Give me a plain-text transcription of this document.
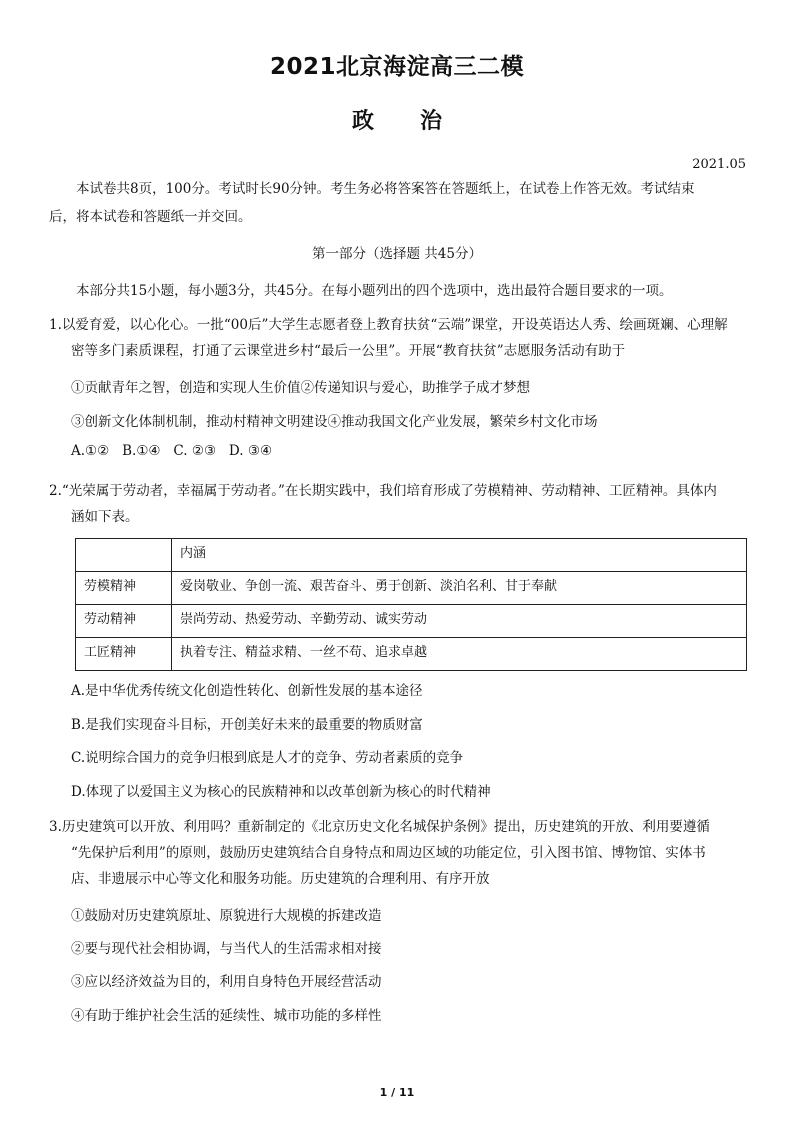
2021北京海淀高三二模
政 治
2021.05
本试卷共8页，100分。考试时长90分钟。考生务必将答案答在答题纸上，在试卷上作答无效。考试结束
后，将本试卷和答题纸一并交回。
第一部分（选择题 共45分）
本部分共15小题，每小题3分，共45分。在每小题列出的四个选项中，选出最符合题目要求的一项。
1.以爱育爱，以心化心。一批“00后”大学生志愿者登上教育扶贫“云端”课堂，开设英语达人秀、绘画斑斓、心理解
密等多门素质课程，打通了云课堂进乡村“最后一公里”。开展“教育扶贫”志愿服务活动有助于
①贡献青年之智，创造和实现人生价值②传递知识与爱心，助推学子成才梦想
③创新文化体制机制，推动村精神文明建设④推动我国文化产业发展，繁荣乡村文化市场
A.①②   B.①④   C. ②③   D. ③④
2.“光荣属于劳动者，幸福属于劳动者。”在长期实践中，我们培育形成了劳模精神、劳动精神、工匠精神。具体内
涵如下表。
	内涵
劳模精神	爱岗敬业、争创一流、艰苦奋斗、勇于创新、淡泊名利、甘于奉献
劳动精神	崇尚劳动、热爱劳动、辛勤劳动、诚实劳动
工匠精神	执着专注、精益求精、一丝不苟、追求卓越
A.是中华优秀传统文化创造性转化、创新性发展的基本途径
B.是我们实现奋斗目标，开创美好未来的最重要的物质财富
C.说明综合国力的竞争归根到底是人才的竞争、劳动者素质的竞争
D.体现了以爱国主义为核心的民族精神和以改革创新为核心的时代精神
3.历史建筑可以开放、利用吗？重新制定的《北京历史文化名城保护条例》提出，历史建筑的开放、利用要遵循
“先保护后利用”的原则，鼓励历史建筑结合自身特点和周边区域的功能定位，引入图书馆、博物馆、实体书
店、非遗展示中心等文化和服务功能。历史建筑的合理利用、有序开放
①鼓励对历史建筑原址、原貌进行大规模的拆建改造
②要与现代社会相协调，与当代人的生活需求相对接
③应以经济效益为目的，利用自身特色开展经营活动
④有助于维护社会生活的延续性、城市功能的多样性
1 / 11
